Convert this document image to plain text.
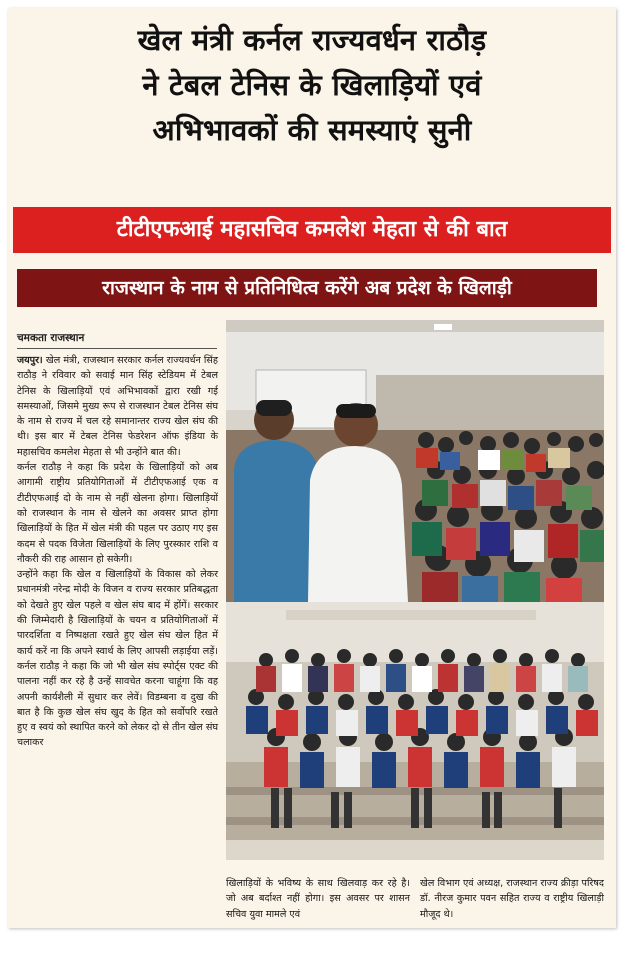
खेल मंत्री कर्नल राज्यवर्धन राठौड़
ने टेबल टेनिस के खिलाड़ियों एवं
अभिभावकों की समस्याएं सुनी
टीटीएफआई महासचिव कमलेश मेहता से की बात
राजस्थान के नाम से प्रतिनिधित्व करेंगे अब प्रदेश के खिलाड़ी
चमकता राजस्थान

जयपुर। खेल मंत्री, राजस्थान सरकार कर्नल राज्यवर्धन सिंह राठौड़ ने रविवार को सवाई मान सिंह स्टेडियम में टेबल टेनिस के खिलाड़ियों एवं अभिभावकों द्वारा रखी गई समस्याओं, जिसमे मुख्य रूप से राजस्थान टेबल टेनिस संघ के नाम से राज्य में चल रहे समानान्तर राज्य खेल संघ की थी। इस बार में टेबल टेनिस फेडरेशन ऑफ इंडिया के महासचिव कमलेश मेहता से भी उन्होंने बात की।

कर्नल राठौड़ ने कहा कि प्रदेश के खिलाड़ियों को अब आगामी राष्ट्रीय प्रतियोगिताओं में टीटीएफआई एक व टीटीएफआई दो के नाम से नहीं खेलना होगा। खिलाड़ियों को राजस्थान के नाम से खेलने का अवसर प्राप्त होगा खिलाड़ियों के हित में खेल मंत्री की पहल पर उठाए गए इस कदम से पदक विजेता खिलाड़ियों के लिए पुरस्कार राशि व नौकरी की राह आसान हो सकेगी।

उन्होंने कहा कि खेल व खिलाड़ियों के विकास को लेकर प्रधानमंत्री नरेन्द्र मोदी के विजन व राज्य सरकार प्रतिबद्धता को देखते हुए खेल पहले व खेल संघ बाद में होंगें। सरकार की जिम्मेदारी है खिलाड़ियों के चयन व प्रतियोगिताओं में पारदर्शिता व निष्पक्षता रखते हुए खेल संघ खेल हित में कार्य करें ना कि अपने स्वार्थ के लिए आपसी लड़ाईया लड़ें। कर्नल राठौड़ ने कहा कि जो भी खेल संघ स्पोर्ट्स एक्ट की पालना नहीं कर रहे है उन्हें सावचेत करना चाहूंगा कि वह अपनी कार्यशैली में सुधार कर लेवें। विडम्बना व दुख की बात है कि कुछ खेल संघ खुद के हित को सर्वोपरि रखते हुए व स्वयं को स्थापित करने को लेकर दो से तीन खेल संघ चलाकर

खिलाड़ियों के भविष्य के साथ खिलवाड़ कर रहे है। जो अब बर्दाश्त नहीं होगा। इस अवसर पर शासन सचिव युवा मामले एवं
खेल विभाग एवं अध्यक्ष, राजस्थान राज्य क्रीड़ा परिषद डॉ. नीरज कुमार पवन सहित राज्य व राष्ट्रीय खिलाड़ी मौजूद थे।
